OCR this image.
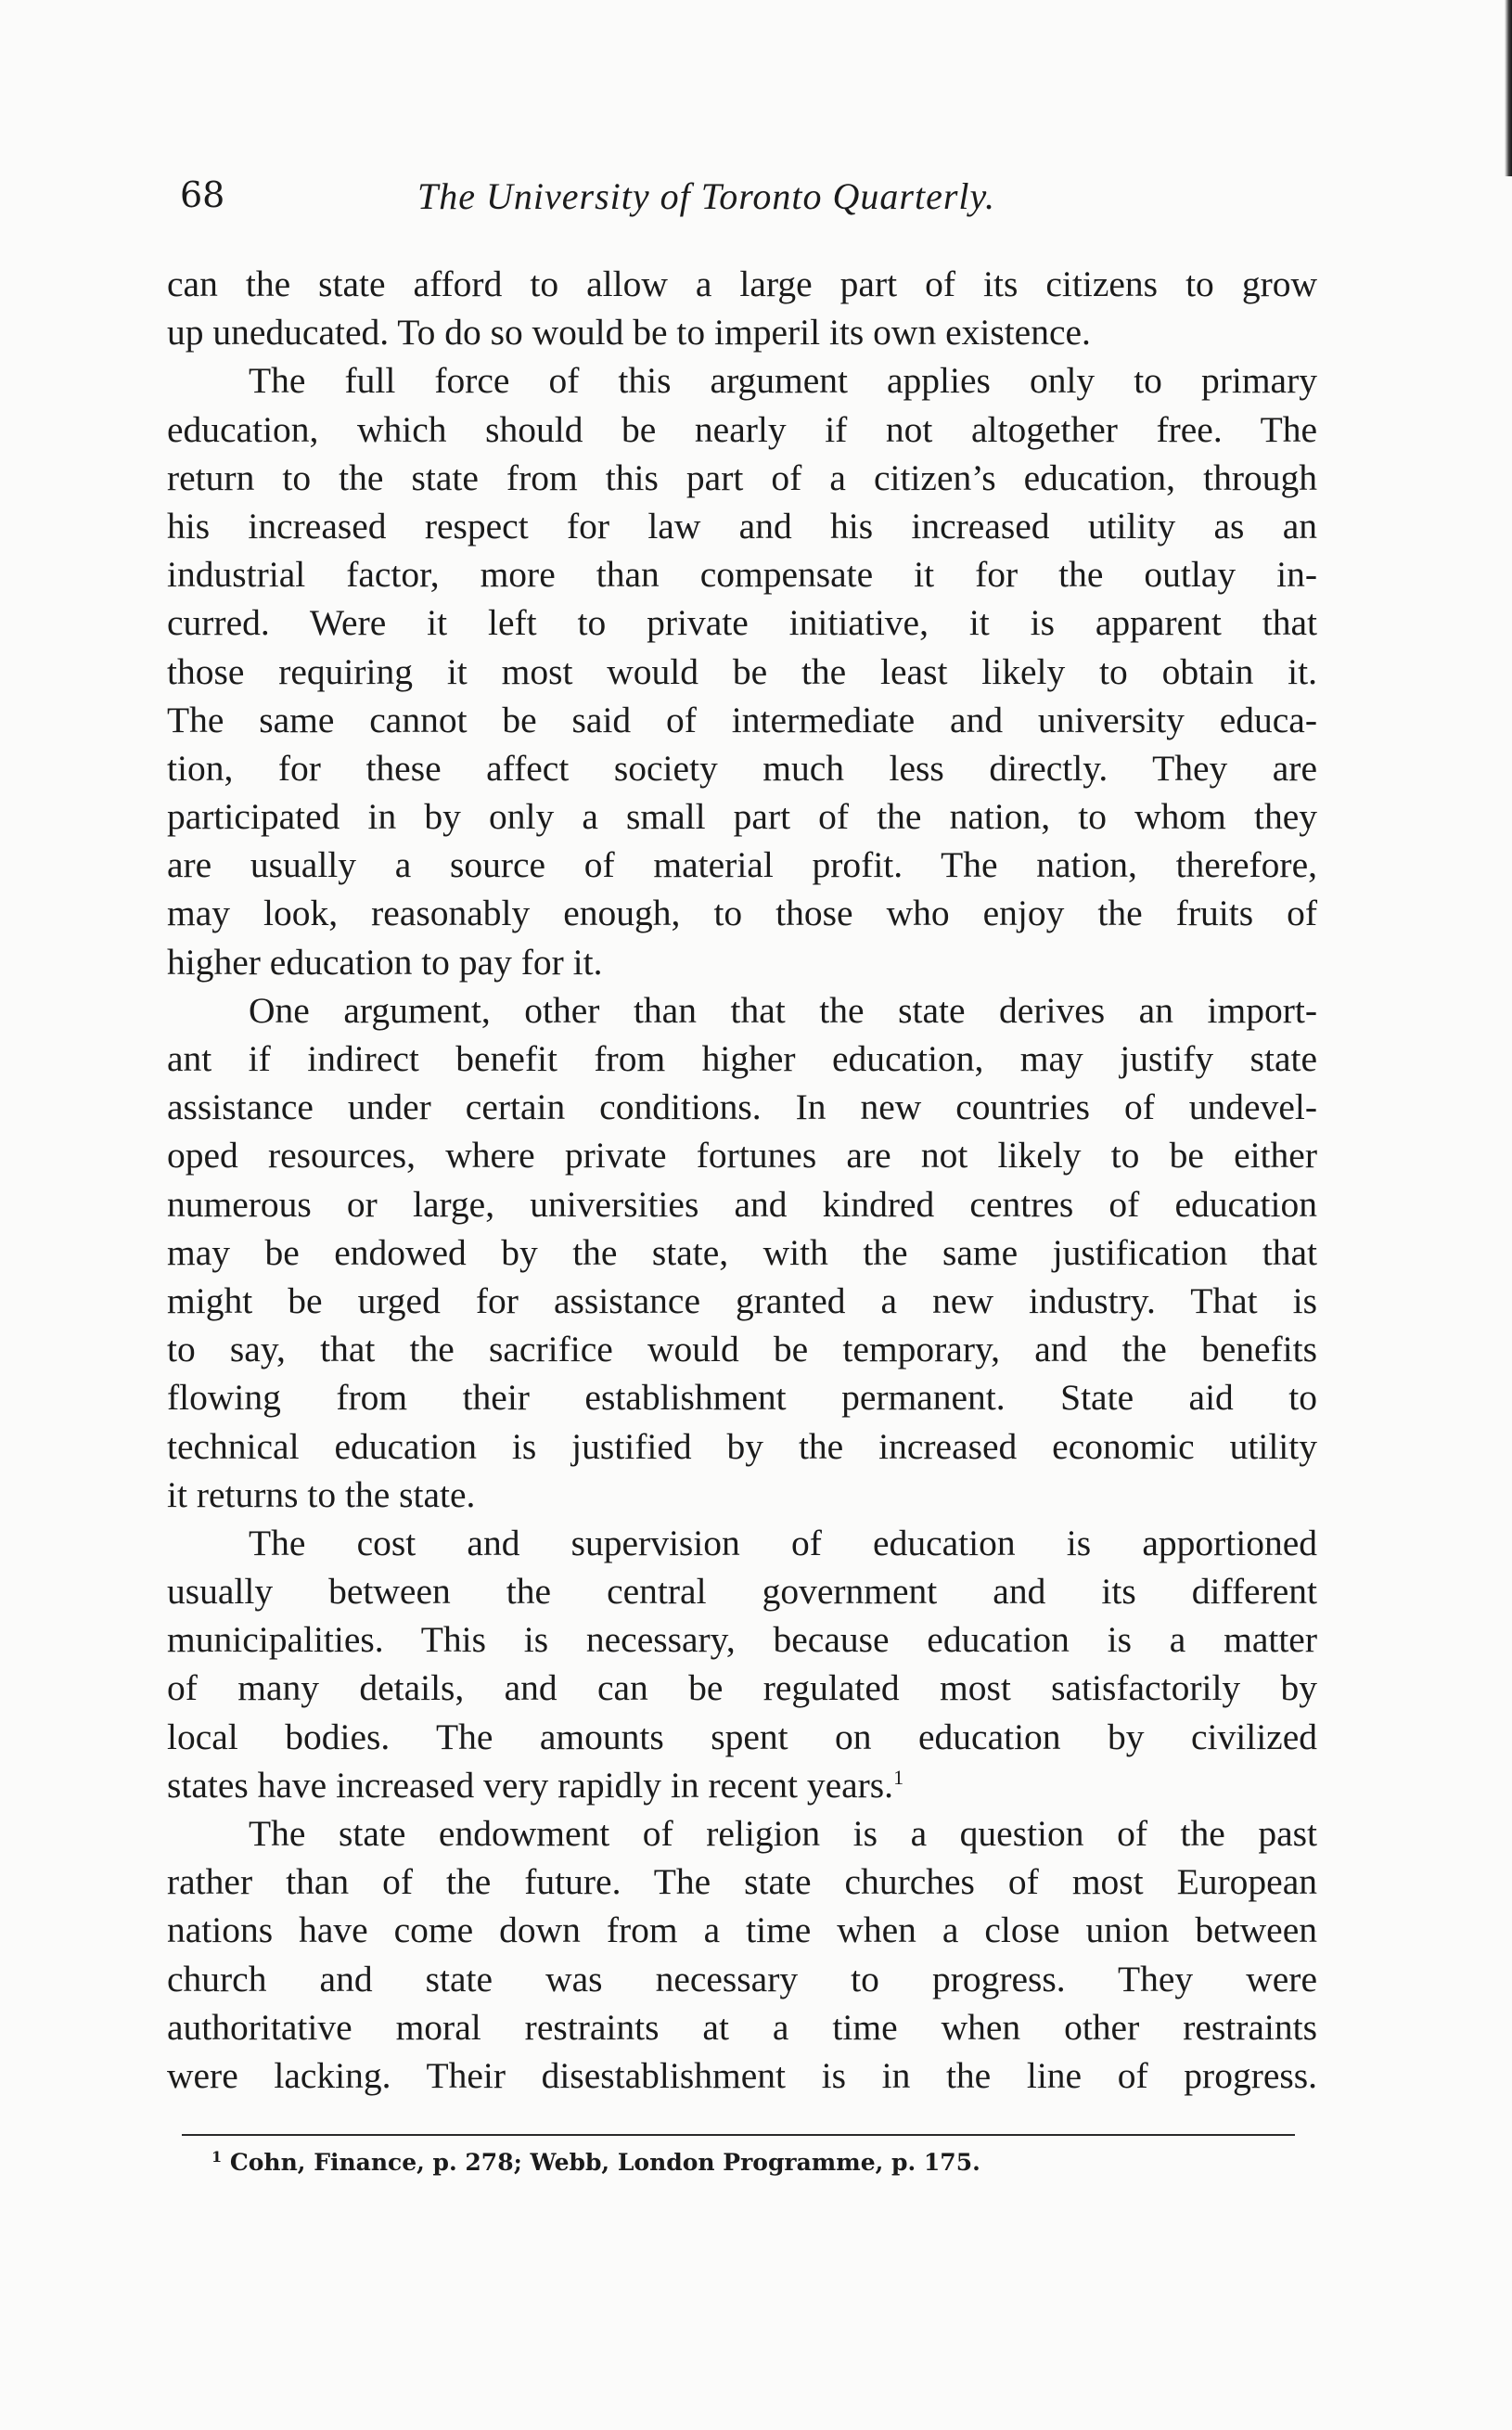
68	The University of Toronto Quarterly.
can the state afford to allow a large part of its citizens to grow
up uneducated. To do so would be to imperil its own existence.
The full force of this argument applies only to primary
education, which should be nearly if not altogether free. The
return to the state from this part of a citizen’s education, through
his increased respect for law and his increased utility as an
industrial factor, more than compensate it for the outlay in-
curred. Were it left to private initiative, it is apparent that
those requiring it most would be the least likely to obtain it.
The same cannot be said of intermediate and university educa-
tion, for these affect society much less directly. They are
participated in by only a small part of the nation, to whom they
are usually a source of material profit. The nation, therefore,
may look, reasonably enough, to those who enjoy the fruits of
higher education to pay for it.
One argument, other than that the state derives an import-
ant if indirect benefit from higher education, may justify state
assistance under certain conditions. In new countries of undevel-
oped resources, where private fortunes are not likely to be either
numerous or large, universities and kindred centres of education
may be endowed by the state, with the same justification that
might be urged for assistance granted a new industry. That is
to say, that the sacrifice would be temporary, and the benefits
flowing from their establishment permanent. State aid to
technical education is justified by the increased economic utility
it returns to the state.
The cost and supervision of education is apportioned
usually between the central government and its different
municipalities. This is necessary, because education is a matter
of many details, and can be regulated most satisfactorily by
local bodies. The amounts spent on education by civilized
states have increased very rapidly in recent years.$^1$
The state endowment of religion is a question of the past
rather than of the future. The state churches of most European
nations have come down from a time when a close union between
church and state was necessary to progress. They were
authoritative moral restraints at a time when other restraints
were lacking. Their disestablishment is in the line of progress.
$^1$ Cohn, Finance, p. 278; Webb, London Programme, p. 175.
